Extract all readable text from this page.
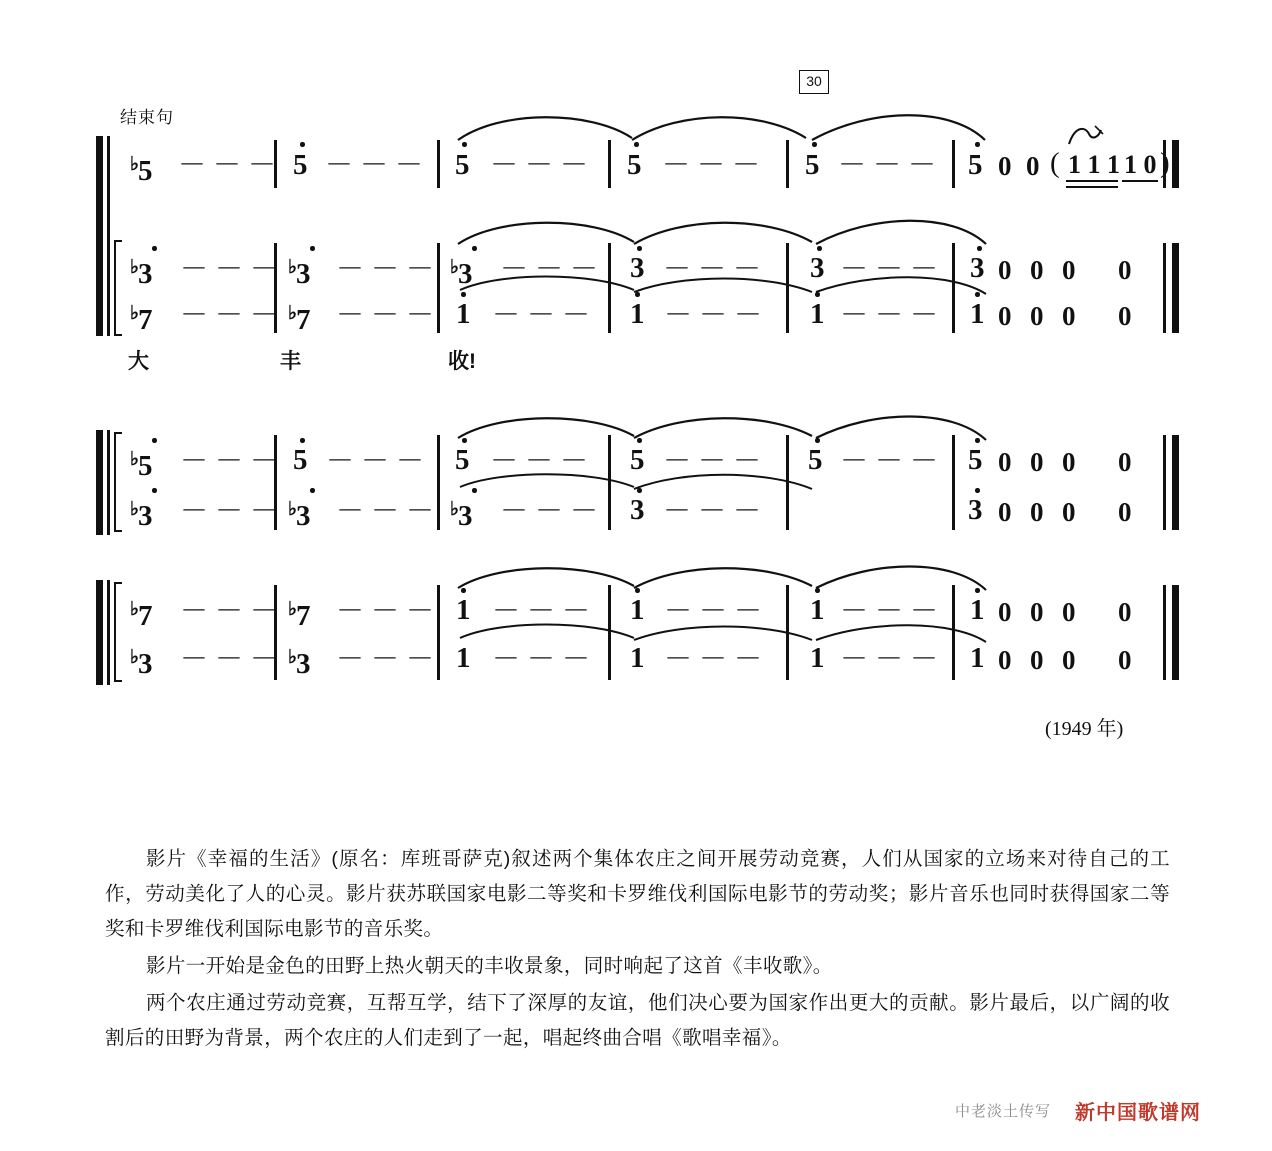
30
结束句
♭5 － － － 5 － － － 5 － － － 5 － － － 5 － － － 5 0 0 ( 1 1 1 1 0 )
♭3 － － － ♭3 － － － ♭3 － － － 3 － － － 3 － － － 3 0 0 0 0
♭7 － － － ♭7 － － － 1 － － － 1 － － － 1 － － － 1 0 0 0 0
♭5 － － － 5 － － － 5 － － － 5 － － － 5 － － － 5 0 0 0 0
♭3 － － － ♭3 － － － ♭3 － － － 3 － － －	3 0 0 0 0
♭7 － － － ♭7 － － － 1 － － － 1 － － － 1 － － － 1 0 0 0 0
♭3 － － － ♭3 － － － 1 － － － 1 － － － 1 － － － 1 0 0 0 0
大	丰	收!
(1949 年)

影片《幸福的生活》(原名：库班哥萨克)叙述两个集体农庄之间开展劳动竞赛，人们从国家的立场来对待自己的工作，劳动美化了人的心灵。影片获苏联国家电影二等奖和卡罗维伐利国际电影节的劳动奖；影片音乐也同时获得国家二等奖和卡罗维伐利国际电影节的音乐奖。

影片一开始是金色的田野上热火朝天的丰收景象，同时响起了这首《丰收歌》。

两个农庄通过劳动竞赛，互帮互学，结下了深厚的友谊，他们决心要为国家作出更大的贡献。影片最后，以广阔的收割后的田野为背景，两个农庄的人们走到了一起，唱起终曲合唱《歌唱幸福》。

中老淡土传写 新中国歌谱网
